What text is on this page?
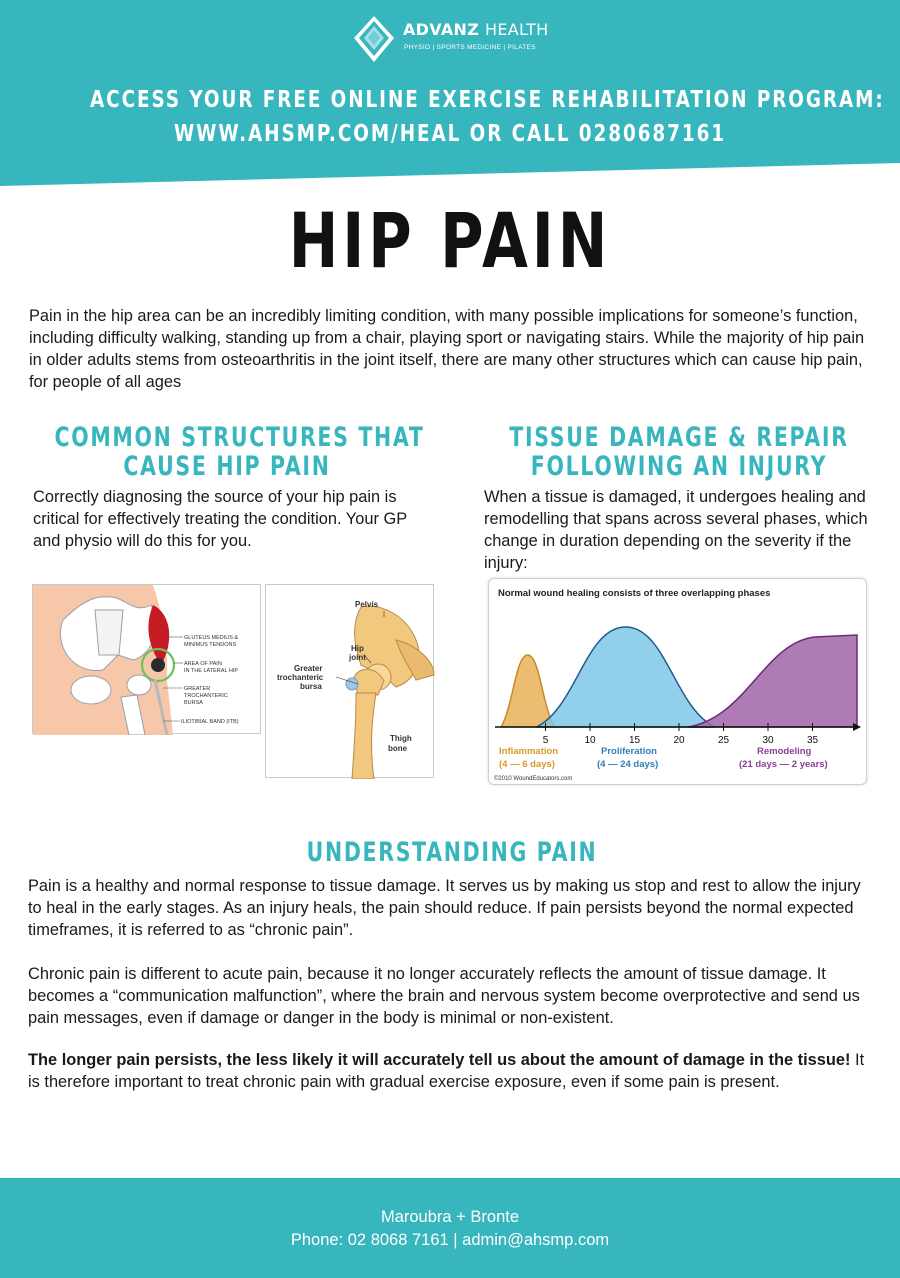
ADVANZ HEALTH
PHYSIO | SPORTS MEDICINE | PILATES
ACCESS YOUR FREE ONLINE EXERCISE REHABILITATION PROGRAM:
WWW.AHSMP.COM/HEAL OR CALL 0280687161
HIP PAIN

Pain in the hip area can be an incredibly limiting condition, with many possible implications for someone’s function, including difficulty walking, standing up from a chair, playing sport or navigating stairs. While the majority of hip pain in older adults stems from osteoarthritis in the joint itself, there are many other structures which can cause hip pain, for people of all ages

COMMON STRUCTURES THAT
CAUSE HIP PAIN

Correctly diagnosing the source of your hip pain is critical for effectively treating the condition. Your GP and physio will do this for you.

TISSUE DAMAGE & REPAIR
FOLLOWING AN INJURY

When a tissue is damaged, it undergoes healing and remodelling that spans across several phases, which change in duration depending on the severity if the injury:

GLUTEUS MEDIUS &
MINIMUS TENDONS
AREA OF PAIN
IN THE LATERAL HIP
GREATER
TROCHANTERIC
BURSA
ILIOTIBIAL BAND (ITB)
Pelvis
Hip
joint
Greater
trochanteric
bursa
Thigh
bone
Normal wound healing consists of three overlapping phases
5	10	15	20	25	30	35
Inflammation
(4 — 6 days)
Proliferation
(4 — 24 days)
Remodeling
(21 days — 2 years)
©2010 WoundEducators.com
UNDERSTANDING PAIN

Pain is a healthy and normal response to tissue damage. It serves us by making us stop and rest to allow the injury to heal in the early stages. As an injury heals, the pain should reduce. If pain persists beyond the normal expected timeframes, it is referred to as “chronic pain”.

Chronic pain is different to acute pain, because it no longer accurately reflects the amount of tissue damage. It becomes a “communication malfunction”, where the brain and nervous system become overprotective and send us pain messages, even if damage or danger in the body is minimal or non-existent.

The longer pain persists, the less likely it will accurately tell us about the amount of damage in the tissue! It is therefore important to treat chronic pain with gradual exercise exposure, even if some pain is present.

Maroubra + Bronte
Phone: 02 8068 7161 | admin@ahsmp.com
